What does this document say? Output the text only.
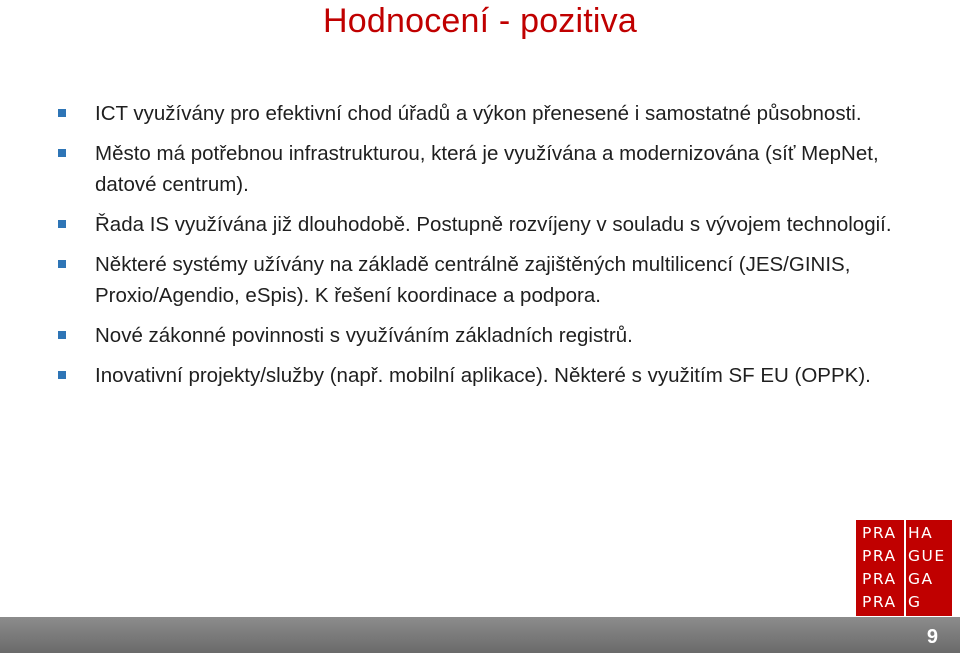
Hodnocení - pozitiva
ICT využívány pro efektivní chod úřadů a výkon přenesené i samostatné působnosti.
Město má potřebnou infrastrukturou, která je využívána a modernizována (síť MepNet, datové centrum).
Řada IS využívána již dlouhodobě. Postupně rozvíjeny v souladu s vývojem technologií.
Některé systémy užívány na základě centrálně zajištěných multilicencí (JES/GINIS, Proxio/Agendio, eSpis). K řešení koordinace a podpora.
Nové zákonné povinnosti s využíváním základních registrů.
Inovativní projekty/služby (např. mobilní aplikace). Některé s využitím SF EU (OPPK).
PRA
PRA
PRA
PRA
HA
GUE
GA
G
9
